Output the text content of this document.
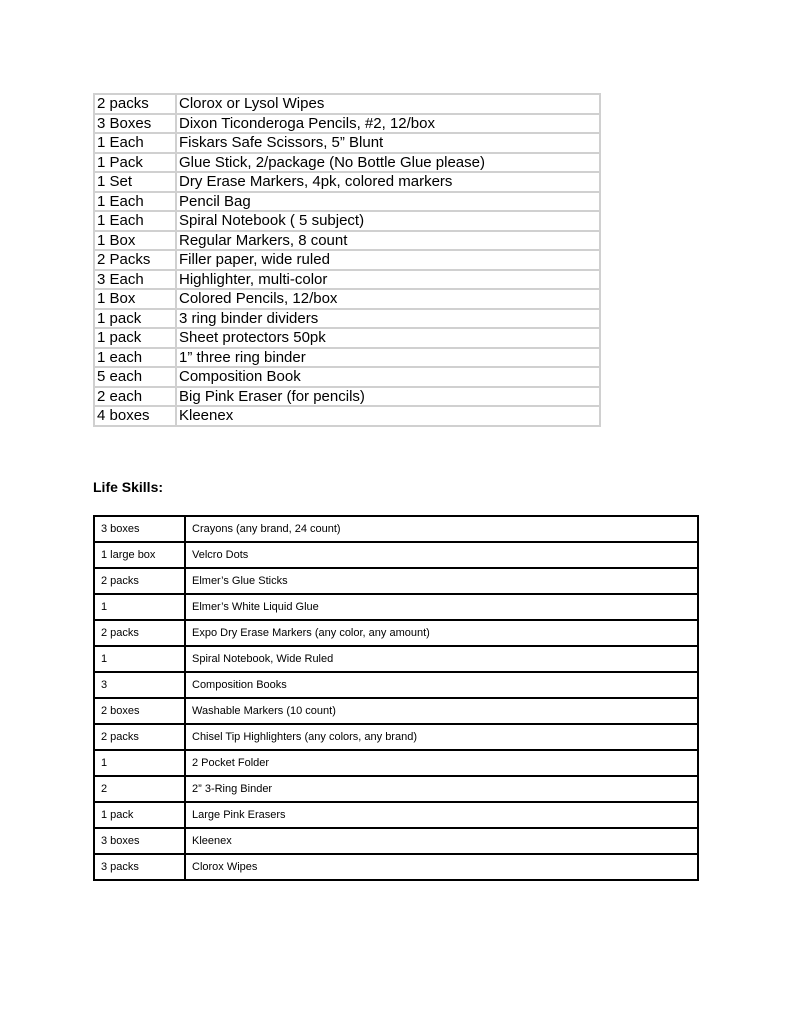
2 packs	Clorox or Lysol Wipes
3 Boxes	Dixon Ticonderoga Pencils, #2, 12/box
1 Each	Fiskars Safe Scissors, 5” Blunt
1 Pack	Glue Stick, 2/package (No Bottle Glue please)
1 Set	Dry Erase Markers, 4pk, colored markers
1 Each	Pencil Bag
1 Each	Spiral Notebook ( 5 subject)
1 Box	Regular Markers, 8 count
2 Packs	Filler paper, wide ruled
3 Each	Highlighter, multi-color
1 Box	Colored Pencils, 12/box
1 pack	3 ring binder dividers
1 pack	Sheet protectors 50pk
1 each	1” three ring binder
5 each	Composition Book
2 each	Big Pink Eraser (for pencils)
4 boxes	Kleenex

Life Skills:

3 boxes	Crayons (any brand, 24 count)
1 large box	Velcro Dots
2 packs	Elmer’s Glue Sticks
1	Elmer’s White Liquid Glue
2 packs	Expo Dry Erase Markers (any color, any amount)
1	Spiral Notebook, Wide Ruled
3	Composition Books
2 boxes	Washable Markers (10 count)
2 packs	Chisel Tip Highlighters (any colors, any brand)
1	2 Pocket Folder
2	2” 3-Ring Binder
1 pack	Large Pink Erasers
3 boxes	Kleenex
3 packs	Clorox Wipes
